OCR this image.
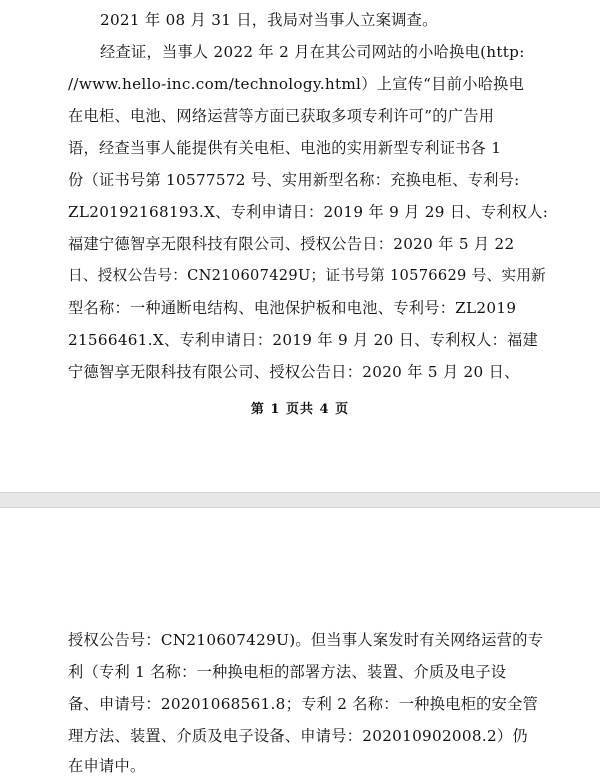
2021 年 08 月 31 日，我局对当事人立案调查。
经查证，当事人 2022 年 2 月在其公司网站的小哈换电(http:
//www.hello-inc.com/technology.html）上宣传“目前小哈换电
在电柜、电池、网络运营等方面已获取多项专利许可”的广告用
语，经查当事人能提供有关电柜、电池的实用新型专利证书各 1
份（证书号第 10577572 号、实用新型名称：充换电柜、专利号:
ZL20192168193.X、专利申请日：2019 年 9 月 29 日、专利权人:
福建宁德智享无限科技有限公司、授权公告日：2020 年 5 月 22
日、授权公告号：CN210607429U；证书号第 10576629 号、实用新
型名称：一种通断电结构、电池保护板和电池、专利号：ZL2019
21566461.X、专利申请日：2019 年 9 月 20 日、专利权人：福建
宁德智享无限科技有限公司、授权公告日：2020 年 5 月 20 日、
第 1 页共 4 页
授权公告号：CN210607429U)。但当事人案发时有关网络运营的专
利（专利 1 名称：一种换电柜的部署方法、装置、介质及电子设
备、申请号：20201068561.8；专利 2 名称：一种换电柜的安全管
理方法、装置、介质及电子设备、申请号：202010902008.2）仍
在申请中。
